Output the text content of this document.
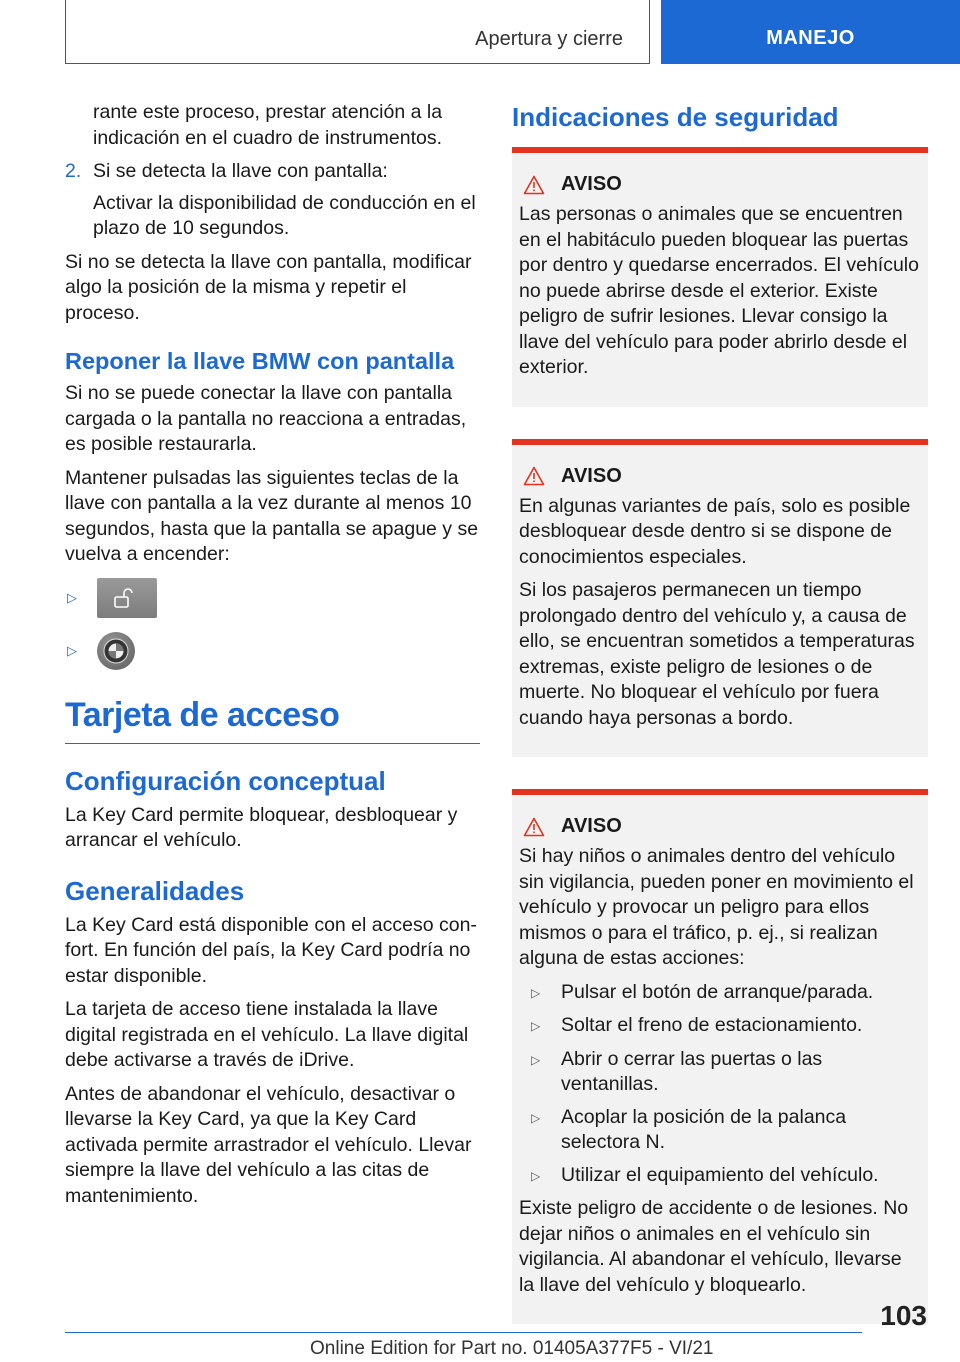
Apertura y cierre	MANEJO

rante este proceso, prestar atención a la indicación en el cuadro de instrumentos.

2. Si se detecta la llave con pantalla:

Activar la disponibilidad de conducción en el plazo de 10 segundos.

Si no se detecta la llave con pantalla, modificar algo la posición de la misma y repetir el proceso.

Reponer la llave BMW con pantalla

Si no se puede conectar la llave con pantalla cargada o la pantalla no reacciona a entradas, es posible restaurarla.

Mantener pulsadas las siguientes teclas de la llave con pantalla a la vez durante al menos 10 segundos, hasta que la pantalla se apague y se vuelva a encender:

▷
▷
Tarjeta de acceso
Configuración conceptual

La Key Card permite bloquear, desbloquear y arrancar el vehículo.

Generalidades

La Key Card está disponible con el acceso confort. En función del país, la Key Card podría no estar disponible.

La tarjeta de acceso tiene instalada la llave digital registrada en el vehículo. La llave digital debe activarse a través de iDrive.

Antes de abandonar el vehículo, desactivar o llevarse la Key Card, ya que la Key Card activada permite arrastrador el vehículo. Llevar siempre la llave del vehículo a las citas de mantenimiento.

Indicaciones de seguridad
AVISO

Las personas o animales que se encuentren en el habitáculo pueden bloquear las puertas por dentro y quedarse encerrados. El vehículo no puede abrirse desde el exterior. Existe peligro de sufrir lesiones. Llevar consigo la llave del vehículo para poder abrirlo desde el exterior.

AVISO

En algunas variantes de país, solo es posible desbloquear desde dentro si se dispone de conocimientos especiales.

Si los pasajeros permanecen un tiempo prolongado dentro del vehículo y, a causa de ello, se encuentran sometidos a temperaturas extremas, existe peligro de lesiones o de muerte. No bloquear el vehículo por fuera cuando haya personas a bordo.

AVISO

Si hay niños o animales dentro del vehículo sin vigilancia, pueden poner en movimiento el vehículo y provocar un peligro para ellos mismos o para el tráfico, p. ej., si realizan alguna de estas acciones:

▷	Pulsar el botón de arranque/parada.
▷	Soltar el freno de estacionamiento.
▷	Abrir o cerrar las puertas o las ventanillas.
▷	Acoplar la posición de la palanca selectora N.
▷	Utilizar el equipamiento del vehículo.

Existe peligro de accidente o de lesiones. No dejar niños o animales en el vehículo sin vigilancia. Al abandonar el vehículo, llevarse la llave del vehículo y bloquearlo.

103
Online Edition for Part no. 01405A377F5 - VI/21
